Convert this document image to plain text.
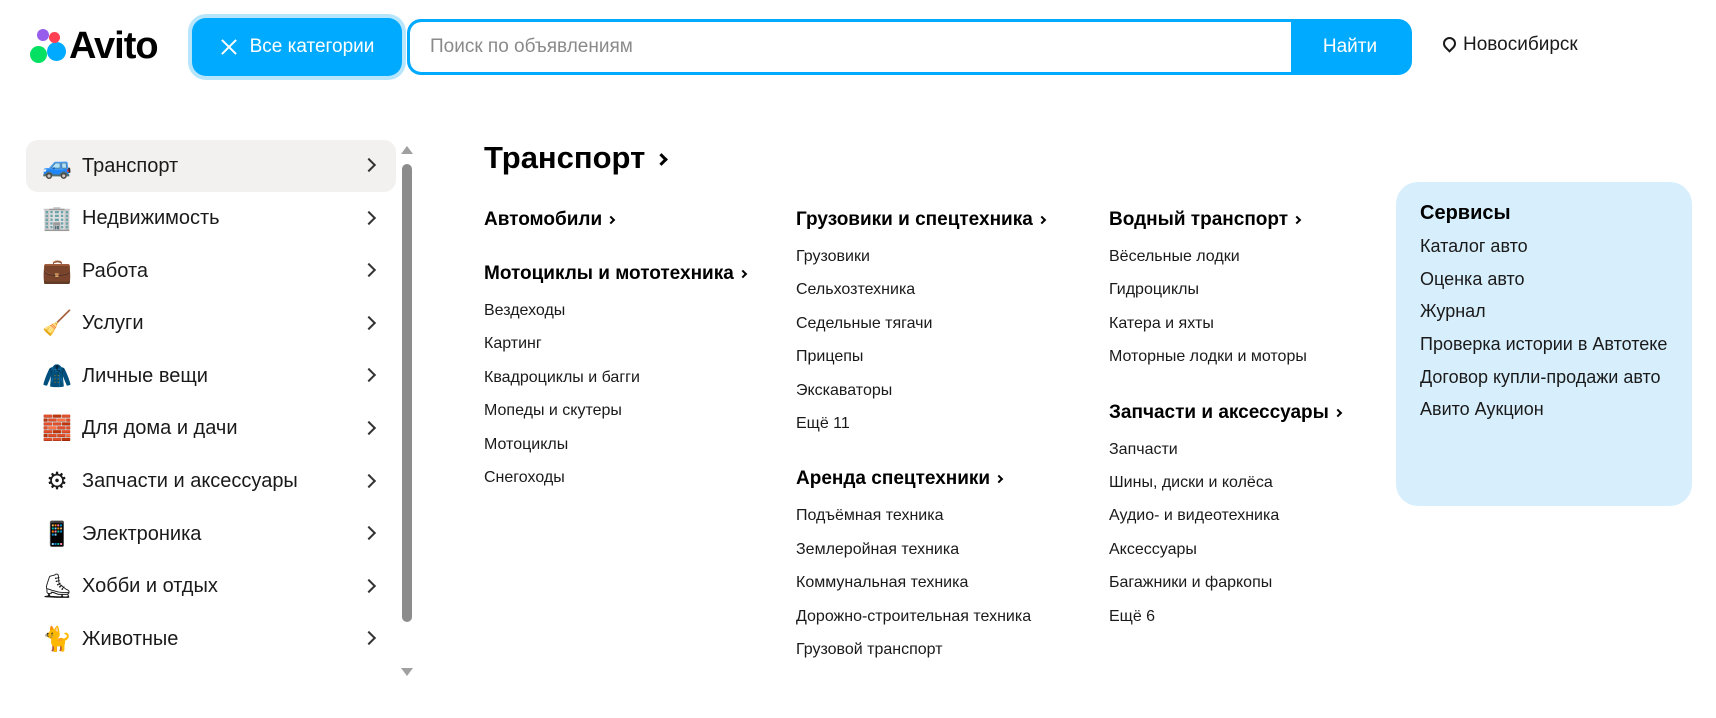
Avito	Все категории
Поиск по объявлениям	Найти	Новосибирск
🚙 Транспорт
🏢 Недвижимость
💼 Работа
🧹 Услуги
🧥 Личные вещи
🧱 Для дома и дачи
⚙ Запчасти и аксессуары
📱 Электроника
⛸ Хобби и отдых
🐈 Животные
Транспорт
Автомобили
Мотоциклы и мототехника
Вездеходы
Картинг
Квадроциклы и багги
Мопеды и скутеры
Мотоциклы
Снегоходы
Грузовики и спецтехника
Грузовики
Сельхозтехника
Седельные тягачи
Прицепы
Экскаваторы
Ещё 11
Аренда спецтехники
Подъёмная техника
Землеройная техника
Коммунальная техника
Дорожно-строительная техника
Грузовой транспорт
Водный транспорт
Вёсельные лодки
Гидроциклы
Катера и яхты
Моторные лодки и моторы
Запчасти и аксессуары
Запчасти
Шины, диски и колёса
Аудио- и видеотехника
Аксессуары
Багажники и фаркопы
Ещё 6
Сервисы
Каталог авто
Оценка авто
Журнал
Проверка истории в Автотеке
Договор купли-продажи авто
Авито Аукцион
